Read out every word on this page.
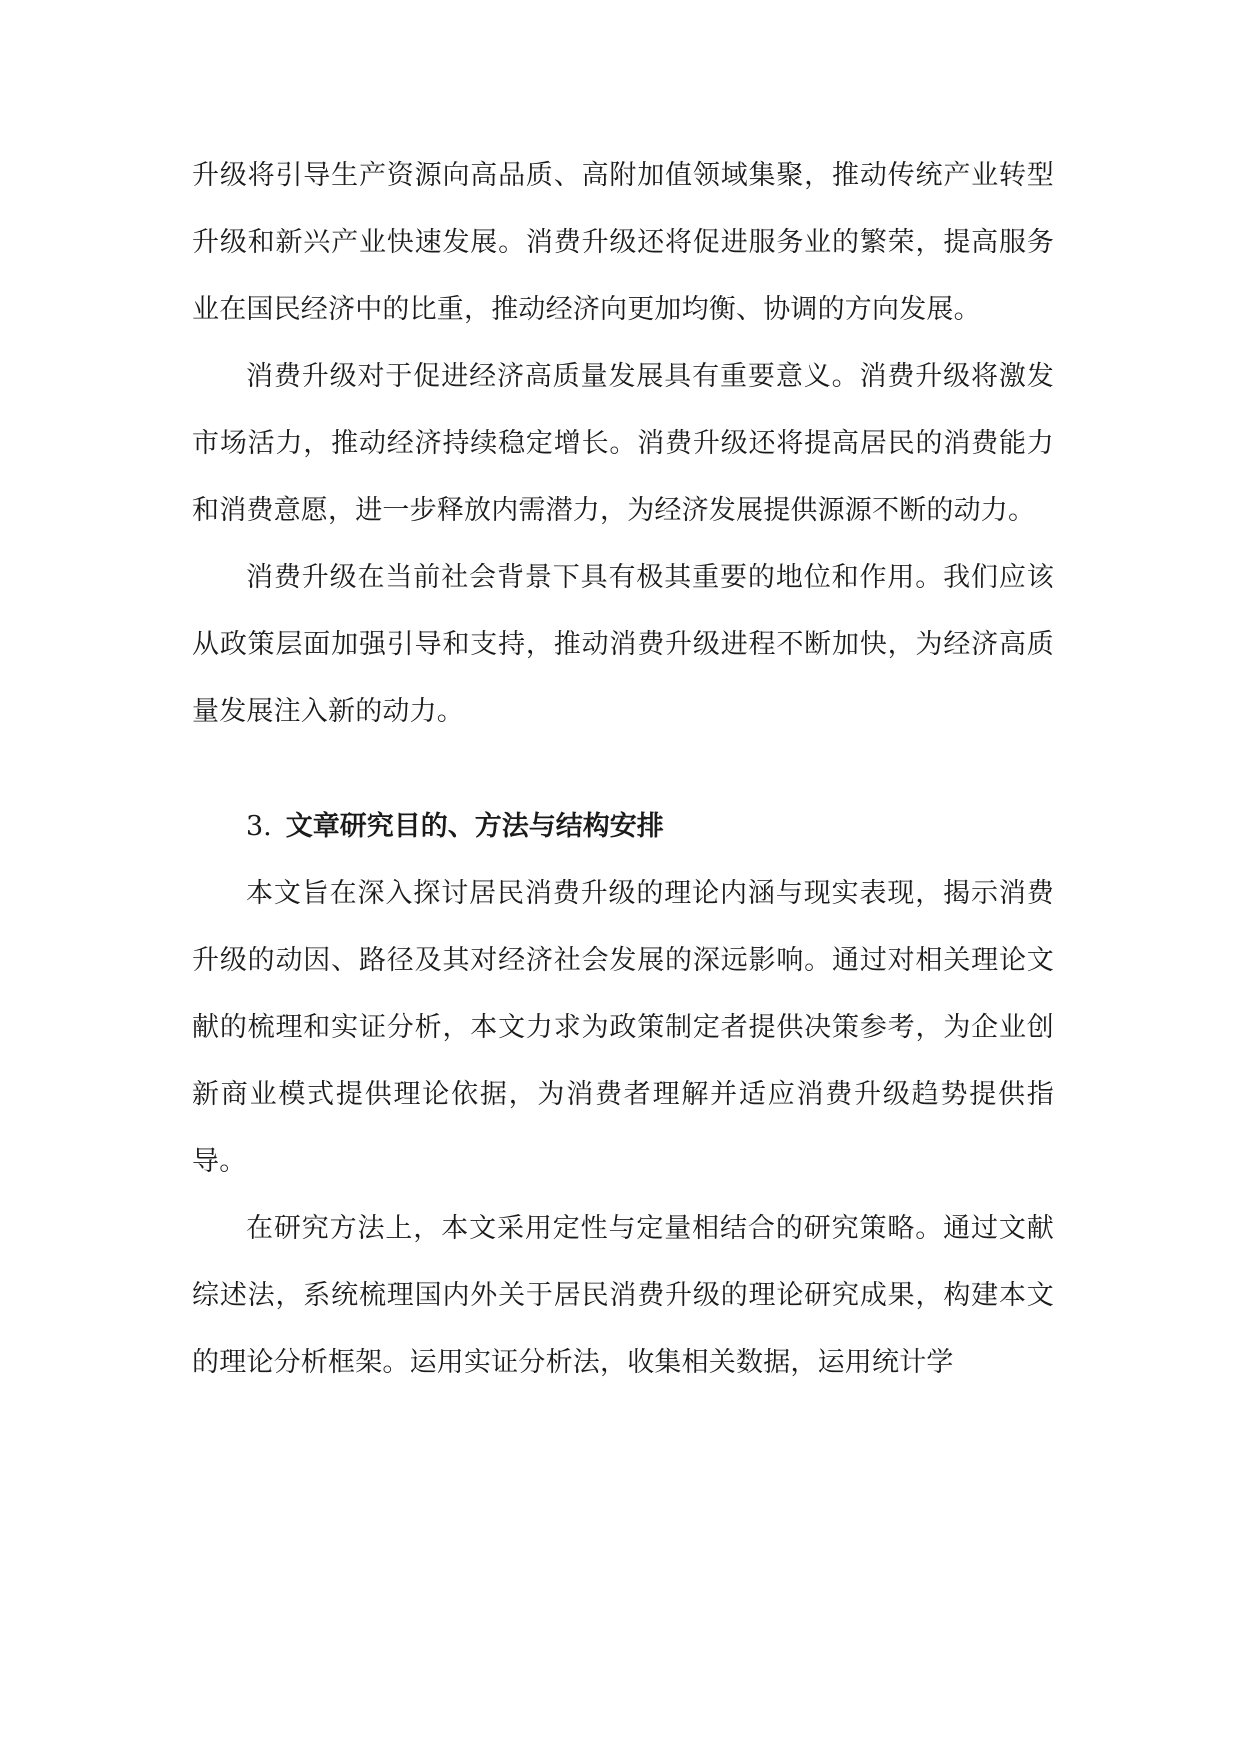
升级将引导生产资源向高品质、高附加值领域集聚，推动传统产业转型升级和新兴产业快速发展。消费升级还将促进服务业的繁荣，提高服务业在国民经济中的比重，推动经济向更加均衡、协调的方向发展。

消费升级对于促进经济高质量发展具有重要意义。消费升级将激发市场活力，推动经济持续稳定增长。消费升级还将提高居民的消费能力和消费意愿，进一步释放内需潜力，为经济发展提供源源不断的动力。

消费升级在当前社会背景下具有极其重要的地位和作用。我们应该从政策层面加强引导和支持，推动消费升级进程不断加快，为经济高质量发展注入新的动力。

3. 文章研究目的、方法与结构安排

本文旨在深入探讨居民消费升级的理论内涵与现实表现，揭示消费升级的动因、路径及其对经济社会发展的深远影响。通过对相关理论文献的梳理和实证分析，本文力求为政策制定者提供决策参考，为企业创新商业模式提供理论依据，为消费者理解并适应消费升级趋势提供指导。

在研究方法上，本文采用定性与定量相结合的研究策略。通过文献综述法，系统梳理国内外关于居民消费升级的理论研究成果，构建本文的理论分析框架。运用实证分析法，收集相关数据，运用统计学
